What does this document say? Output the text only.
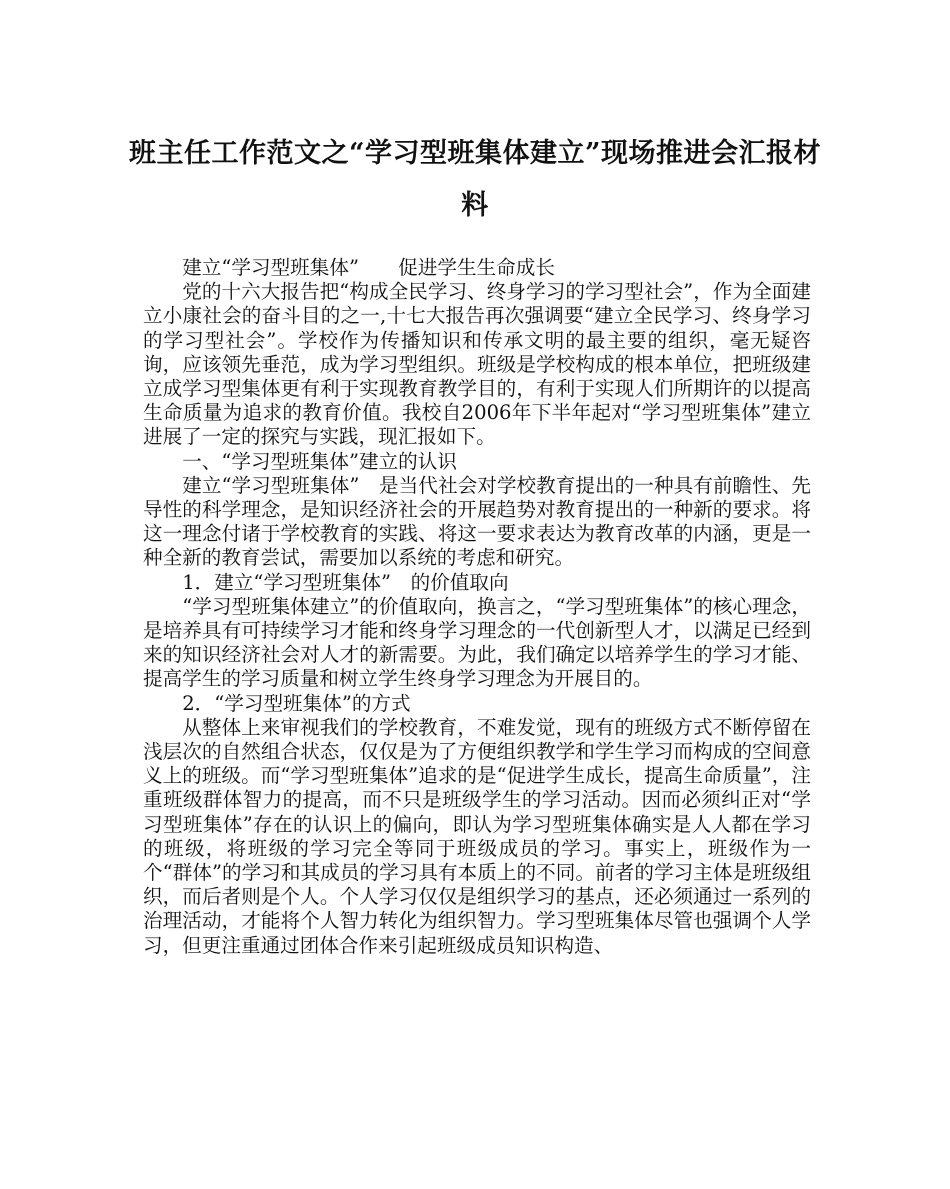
班主任工作范文之“学习型班集体建立”现场推进会汇报材料

建立“学习型班集体”　　促进学生生命成长

党的十六大报告把“构成全民学习、终身学习的学习型社会”，作为全面建立小康社会的奋斗目的之一,十七大报告再次强调要“建立全民学习、终身学习的学习型社会”。学校作为传播知识和传承文明的最主要的组织，毫无疑咨询，应该领先垂范，成为学习型组织。班级是学校构成的根本单位，把班级建立成学习型集体更有利于实现教育教学目的，有利于实现人们所期许的以提高生命质量为追求的教育价值。我校自2006年下半年起对“学习型班集体”建立进展了一定的探究与实践，现汇报如下。

一、“学习型班集体”建立的认识

建立“学习型班集体”　是当代社会对学校教育提出的一种具有前瞻性、先导性的科学理念，是知识经济社会的开展趋势对教育提出的一种新的要求。将这一理念付诸于学校教育的实践、将这一要求表达为教育改革的内涵，更是一种全新的教育尝试，需要加以系统的考虑和研究。

1．建立“学习型班集体”　的价值取向

“学习型班集体建立”的价值取向，换言之，“学习型班集体”的核心理念，是培养具有可持续学习才能和终身学习理念的一代创新型人才，以满足已经到来的知识经济社会对人才的新需要。为此，我们确定以培养学生的学习才能、提高学生的学习质量和树立学生终身学习理念为开展目的。

2．“学习型班集体”的方式

从整体上来审视我们的学校教育，不难发觉，现有的班级方式不断停留在浅层次的自然组合状态，仅仅是为了方便组织教学和学生学习而构成的空间意义上的班级。而“学习型班集体”追求的是“促进学生成长，提高生命质量”，注重班级群体智力的提高，而不只是班级学生的学习活动。因而必须纠正对“学习型班集体”存在的认识上的偏向，即认为学习型班集体确实是人人都在学习的班级，将班级的学习完全等同于班级成员的学习。事实上，班级作为一个“群体”的学习和其成员的学习具有本质上的不同。前者的学习主体是班级组织，而后者则是个人。个人学习仅仅是组织学习的基点，还必须通过一系列的治理活动，才能将个人智力转化为组织智力。学习型班集体尽管也强调个人学习，但更注重通过团体合作来引起班级成员知识构造、
